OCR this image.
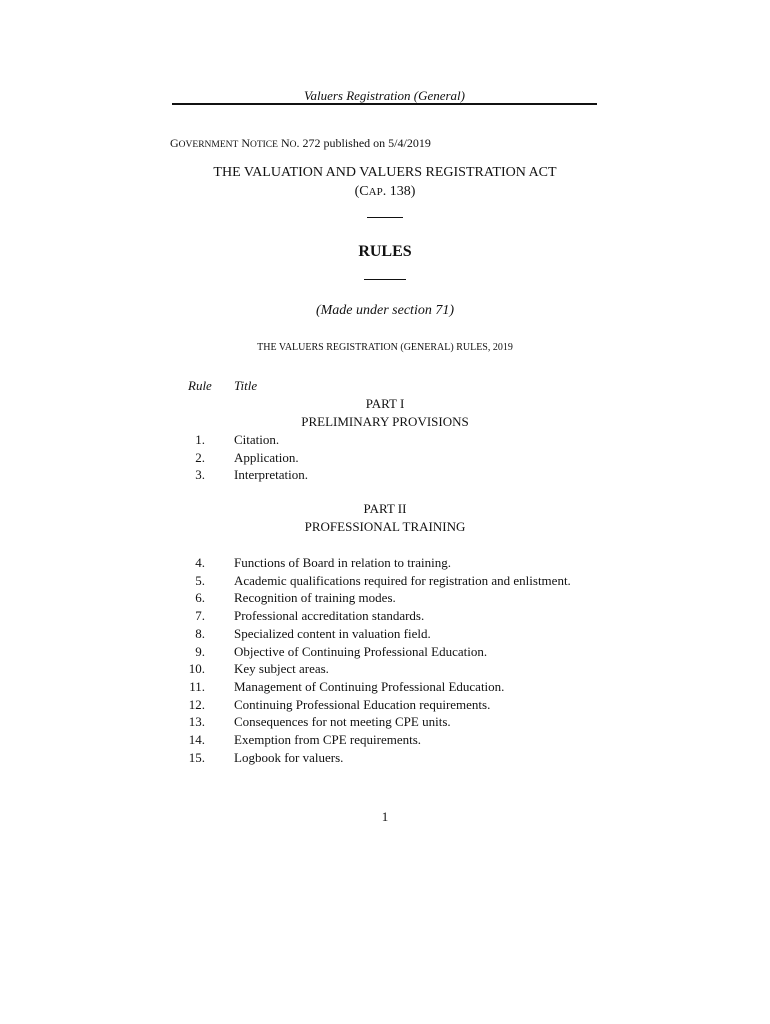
Valuers Registration (General)
GOVERNMENT NOTICE NO. 272 published on 5/4/2019
THE VALUATION AND VALUERS REGISTRATION ACT
(CAP. 138)
RULES
(Made under section 71)
THE VALUERS REGISTRATION (GENERAL) RULES, 2019
Rule Title
PART I
PRELIMINARY PROVISIONS
1. Citation.
2. Application.
3. Interpretation.
PART II
PROFESSIONAL TRAINING
4. Functions of Board in relation to training.
5. Academic qualifications required for registration and enlistment.
6. Recognition of training modes.
7. Professional accreditation standards.
8. Specialized content in valuation field.
9. Objective of Continuing Professional Education.
10. Key subject areas.
11. Management of Continuing Professional Education.
12. Continuing Professional Education requirements.
13. Consequences for not meeting CPE units.
14. Exemption from CPE requirements.
15. Logbook for valuers.
1
